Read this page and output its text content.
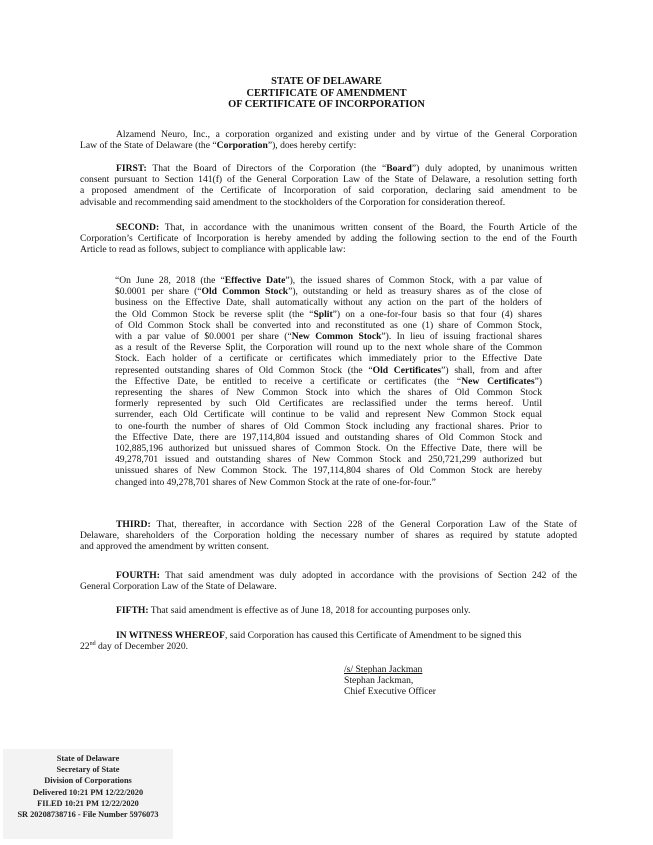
STATE OF DELAWARE
CERTIFICATE OF AMENDMENT
OF CERTIFICATE OF INCORPORATION
Alzamend Neuro, Inc., a corporation organized and existing under and by virtue of the General Corporation
Law of the State of Delaware (the “Corporation”), does hereby certify:
FIRST: That the Board of Directors of the Corporation (the “Board”) duly adopted, by unanimous written
consent pursuant to Section 141(f) of the General Corporation Law of the State of Delaware, a resolution setting forth
a proposed amendment of the Certificate of Incorporation of said corporation, declaring said amendment to be
advisable and recommending said amendment to the stockholders of the Corporation for consideration thereof.
SECOND: That, in accordance with the unanimous written consent of the Board, the Fourth Article of the
Corporation’s Certificate of Incorporation is hereby amended by adding the following section to the end of the Fourth
Article to read as follows, subject to compliance with applicable law:
“On June 28, 2018 (the “Effective Date”), the issued shares of Common Stock, with a par value of
$0.0001 per share (“Old Common Stock”), outstanding or held as treasury shares as of the close of
business on the Effective Date, shall automatically without any action on the part of the holders of
the Old Common Stock be reverse split (the “Split”) on a one-for-four basis so that four (4) shares
of Old Common Stock shall be converted into and reconstituted as one (1) share of Common Stock,
with a par value of $0.0001 per share (“New Common Stock”). In lieu of issuing fractional shares
as a result of the Reverse Split, the Corporation will round up to the next whole share of the Common
Stock. Each holder of a certificate or certificates which immediately prior to the Effective Date
represented outstanding shares of Old Common Stock (the “Old Certificates”) shall, from and after
the Effective Date, be entitled to receive a certificate or certificates (the “New Certificates”)
representing the shares of New Common Stock into which the shares of Old Common Stock
formerly represented by such Old Certificates are reclassified under the terms hereof. Until
surrender, each Old Certificate will continue to be valid and represent New Common Stock equal
to one-fourth the number of shares of Old Common Stock including any fractional shares. Prior to
the Effective Date, there are 197,114,804 issued and outstanding shares of Old Common Stock and
102,885,196 authorized but unissued shares of Common Stock. On the Effective Date, there will be
49,278,701 issued and outstanding shares of New Common Stock and 250,721,299 authorized but
unissued shares of New Common Stock. The 197,114,804 shares of Old Common Stock are hereby
changed into 49,278,701 shares of New Common Stock at the rate of one-for-four.”
THIRD: That, thereafter, in accordance with Section 228 of the General Corporation Law of the State of
Delaware, shareholders of the Corporation holding the necessary number of shares as required by statute adopted
and approved the amendment by written consent.
FOURTH: That said amendment was duly adopted in accordance with the provisions of Section 242 of the
General Corporation Law of the State of Delaware.
FIFTH: That said amendment is effective as of June 18, 2018 for accounting purposes only.
IN WITNESS WHEREOF, said Corporation has caused this Certificate of Amendment to be signed this
22nd day of December 2020.
/s/ Stephan Jackman
Stephan Jackman,
Chief Executive Officer
State of Delaware
Secretary of State
Division of Corporations
Delivered 10:21 PM 12/22/2020
FILED 10:21 PM 12/22/2020
SR 20208738716 - File Number 5976073
